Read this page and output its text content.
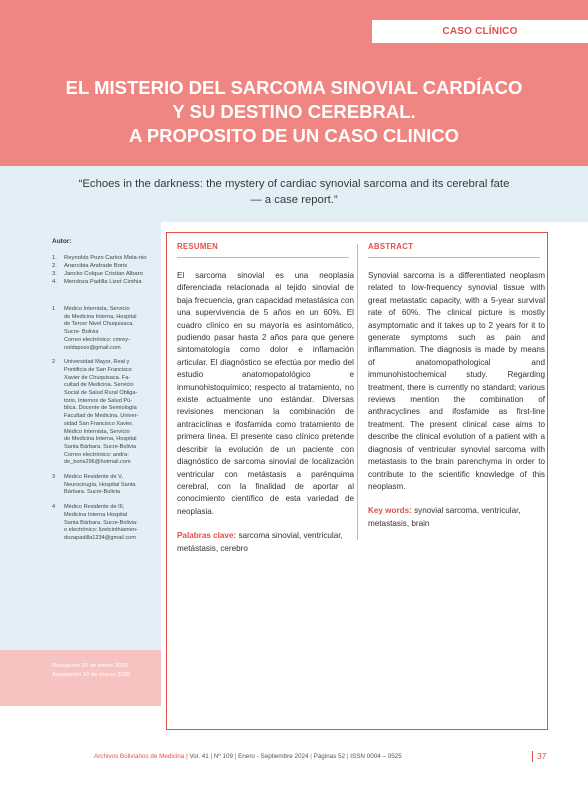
CASO CLÍNICO
EL MISTERIO DEL SARCOMA SINOVIAL CARDÍACO
Y SU DESTINO CEREBRAL.
A PROPOSITO DE UN CASO CLINICO

“Echoes in the darkness: the mystery of cardiac synovial sarcoma and its cerebral fate
— a case report.”

Autor:
1.	Reynolds Pozo Carlos Mela-nio
2.	Arancibia Andrade Boris
3.	Jancko Colque Cristian Albaro
4.	Mendoza Padilla Lizet Cinthia
1	Médico Internista, Servicio
de Medicina Interna, Hospital
de Tercer Nivel Chuquisaca.
Sucre- Bolivia
Correo electrónico: cmrey-
noldspozo@gmail.com
2	Universidad Mayor, Real y
Pontificia de San Francisco
Xavier de Chuquisaca. Fa-
cultad de Medicina. Servicio
Social de Salud Rural Obliga-
torio, Internos de Salud Pú-
blica. Docente de Semiología
Facultad de Medicina, Univer-
sidad San Francisco Xavier.
Médico Internista, Servicio
de Medicina Interna, Hospital
Santa Bárbara. Sucre-Bolivia
Correo electrónico: andra-
de_boris296@hotmail.com
3	Médico Residente de V,
Neurocirugía, Hospital Santa
Bárbara. Sucre-Bolivia
4	Médico Residente de III,
Medicina Interna Hospital
Santa Bárbara. Sucre-Bolivia:
o electrónico: lizetcinthiamen-
dozapadilla1234@gmail.com
Recepción 20 de enero 2025
Aceptación 10 de marzo 2025
RESUMEN

El sarcoma sinovial es una neoplasia diferenciada relacionada al tejido sinovial de baja frecuencia, gran capacidad metastásica con una supervivencia de 5 años en un 60%. El cuadro clínico en su mayoría es asintomático, pudiendo pasar hasta 2 años para que genere sintomatología como dolor e inflamación articular. El diagnóstico se efectúa por medio del estudio anatomopatológico e inmunohistoquímico; respecto al tratamiento, no existe actualmente uno estándar. Diversas revisiones mencionan la combinación de antraciclinas e ifosfamida como tratamiento de primera línea. El presente caso clínico pretende describir la evolución de un paciente con diagnóstico de sarcoma sinovial de localización ventricular con metástasis a parénquima cerebral, con la finalidad de aportar al conocimiento científico de esta variedad de neoplasia.

Palabras clave: sarcoma sinovial, ventricular, metástasis, cerebro

ABSTRACT

Synovial sarcoma is a differentiated neoplasm related to low-frequency synovial tissue with great metastatic capacity, with a 5-year survival rate of 60%. The clinical picture is mostly asymptomatic and it takes up to 2 years for it to generate symptoms such as pain and inflammation. The diagnosis is made by means of anatomopathological and immunohistochemical study. Regarding treatment, there is currently no standard; various reviews mention the combination of anthracyclines and ifosfamide as first-line treatment. The present clinical case aims to describe the clinical evolution of a patient with a diagnosis of ventricular synovial sarcoma with metastasis to the brain parenchyma in order to contribute to the scientific knowledge of this neoplasm.

Key words: synovial sarcoma, ventricular, metastasis, brain

Archivos Bolivianos de Medicina | Vol. 41 | Nº 109 | Enero - Septiembre 2024 | Páginas 52 | ISSN 0004 – 0525	37
